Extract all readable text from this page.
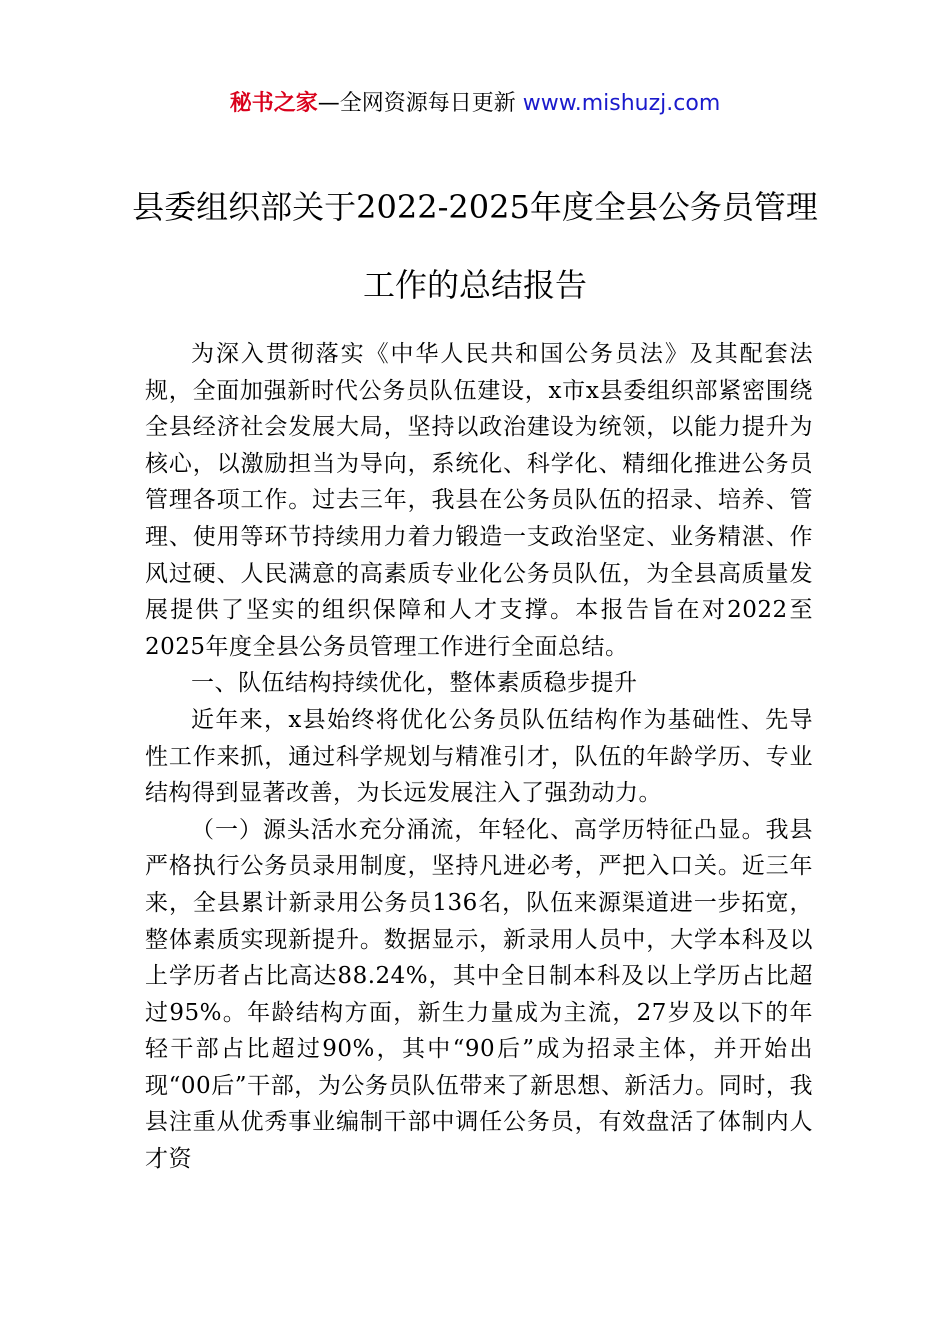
秘书之家—全网资源每日更新 www.mishuzj.com
县委组织部关于2022-2025年度全县公务员管理工作的总结报告

为深入贯彻落实《中华人民共和国公务员法》及其配套法规，全面加强新时代公务员队伍建设，x市x县委组织部紧密围绕全县经济社会发展大局，坚持以政治建设为统领，以能力提升为核心，以激励担当为导向，系统化、科学化、精细化推进公务员管理各项工作。过去三年，我县在公务员队伍的招录、培养、管理、使用等环节持续用力着力锻造一支政治坚定、业务精湛、作风过硬、人民满意的高素质专业化公务员队伍，为全县高质量发展提供了坚实的组织保障和人才支撑。本报告旨在对2022至2025年度全县公务员管理工作进行全面总结。

一、队伍结构持续优化，整体素质稳步提升

近年来，x县始终将优化公务员队伍结构作为基础性、先导性工作来抓，通过科学规划与精准引才，队伍的年龄学历、专业结构得到显著改善，为长远发展注入了强劲动力。

（一）源头活水充分涌流，年轻化、高学历特征凸显。我县严格执行公务员录用制度，坚持凡进必考，严把入口关。近三年来，全县累计新录用公务员136名，队伍来源渠道进一步拓宽，整体素质实现新提升。数据显示，新录用人员中，大学本科及以上学历者占比高达88.24%，其中全日制本科及以上学历占比超过95%。年龄结构方面，新生力量成为主流，27岁及以下的年轻干部占比超过90%，其中“90后”成为招录主体，并开始出现“00后”干部，为公务员队伍带来了新思想、新活力。同时，我县注重从优秀事业编制干部中调任公务员，有效盘活了体制内人才资
